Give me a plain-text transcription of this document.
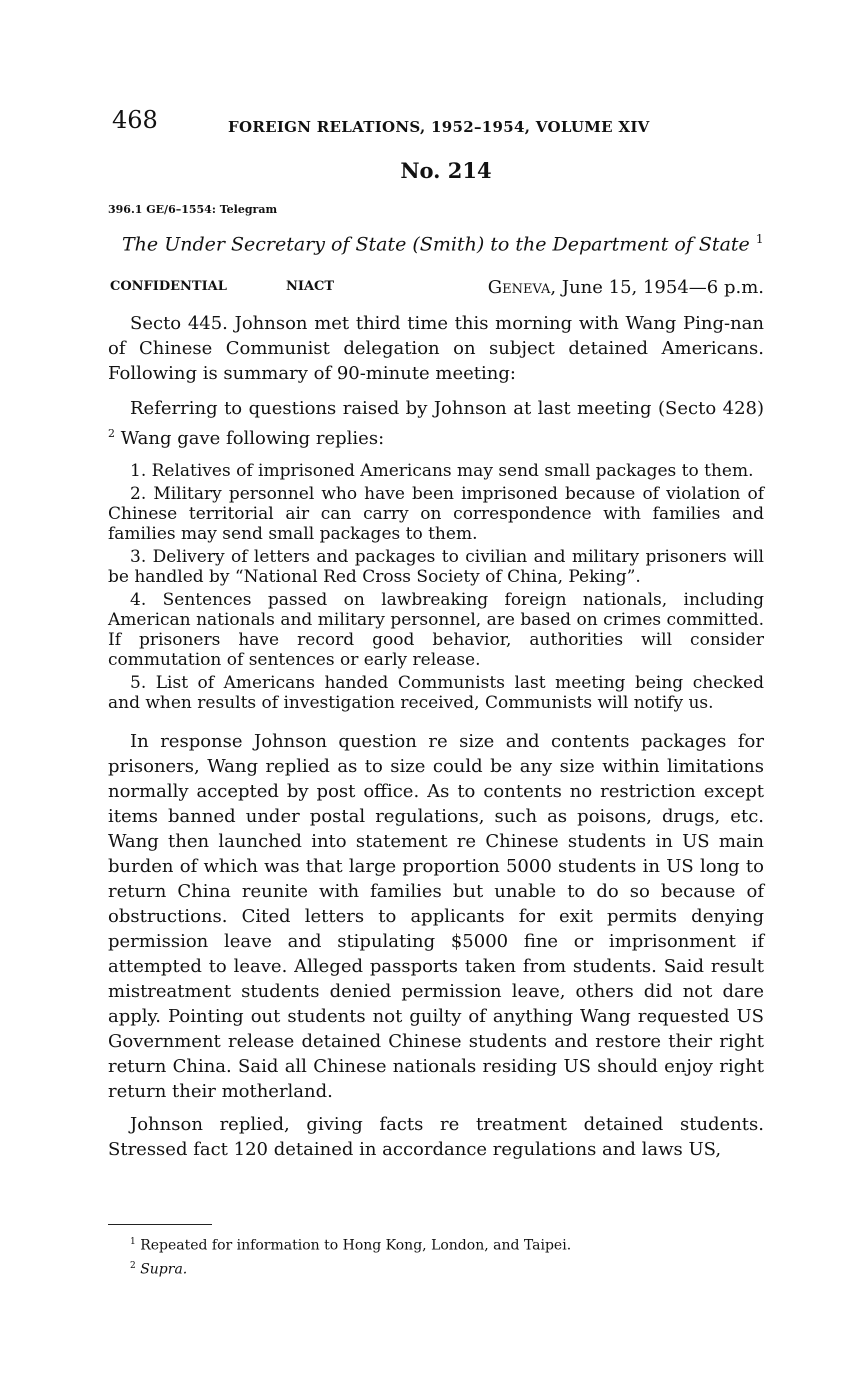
468	FOREIGN RELATIONS, 1952–1954, VOLUME XIV
No. 214
396.1 GE/6–1554: Telegram
The Under Secretary of State (Smith) to the Department of State $^1$
CONFIDENTIAL	NIACT	Geneva, June 15, 1954—6 p.m.

Secto 445. Johnson met third time this morning with Wang Ping-nan of Chinese Communist delegation on subject detained Americans. Following is summary of 90-minute meeting:

Referring to questions raised by Johnson at last meeting (Secto 428) $^2$ Wang gave following replies:

1. Relatives of imprisoned Americans may send small packages to them.
2. Military personnel who have been imprisoned because of violation of Chinese territorial air can carry on correspondence with families and families may send small packages to them.
3. Delivery of letters and packages to civilian and military prisoners will be handled by “National Red Cross Society of China, Peking”.
4. Sentences passed on lawbreaking foreign nationals, including American nationals and military personnel, are based on crimes committed. If prisoners have record good behavior, authorities will consider commutation of sentences or early release.
5. List of Americans handed Communists last meeting being checked and when results of investigation received, Communists will notify us.

In response Johnson question re size and contents packages for prisoners, Wang replied as to size could be any size within limitations normally accepted by post office. As to contents no restriction except items banned under postal regulations, such as poisons, drugs, etc. Wang then launched into statement re Chinese students in US main burden of which was that large proportion 5000 students in US long to return China reunite with families but unable to do so because of obstructions. Cited letters to applicants for exit permits denying permission leave and stipulating $5000 fine or imprisonment if attempted to leave. Alleged passports taken from students. Said result mistreatment students denied permission leave, others did not dare apply. Pointing out students not guilty of anything Wang requested US Government release detained Chinese students and restore their right return China. Said all Chinese nationals residing US should enjoy right return their motherland.

Johnson replied, giving facts re treatment detained students. Stressed fact 120 detained in accordance regulations and laws US,

$^1$ Repeated for information to Hong Kong, London, and Taipei.

$^2$ Supra.
